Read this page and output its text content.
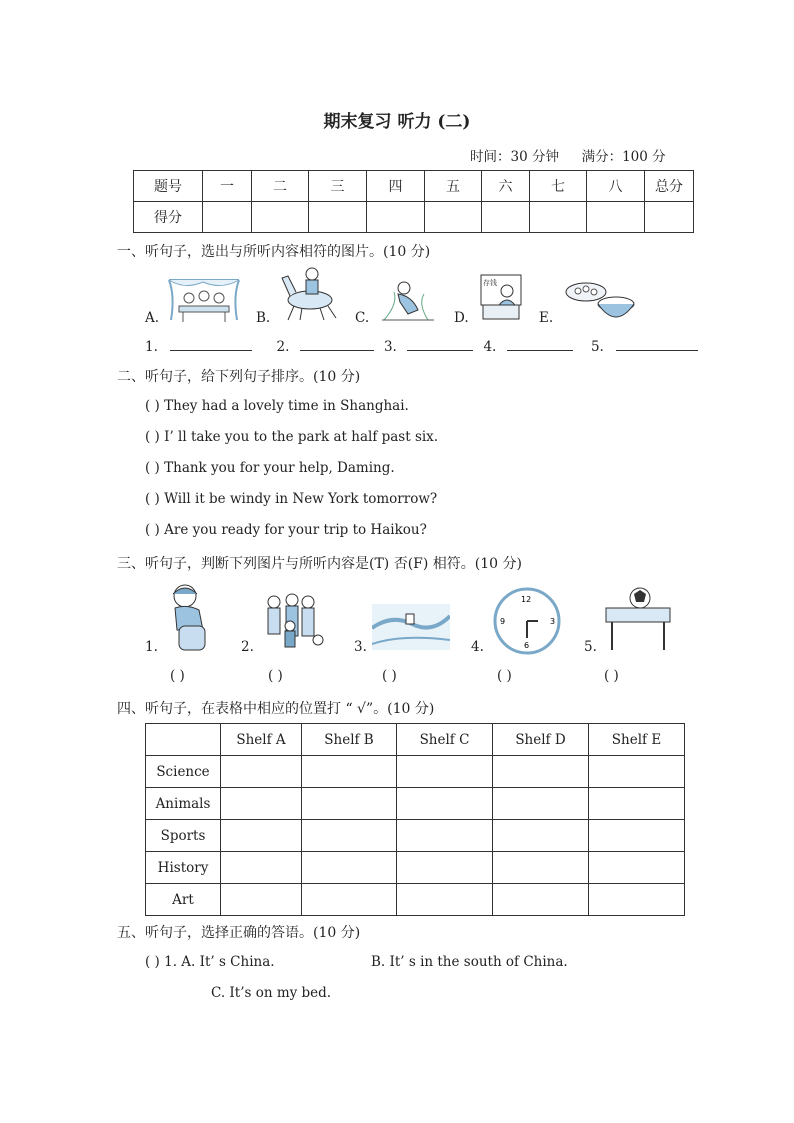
期末复习 听力 (二)
时间：30 分钟 满分：100 分
题号	一	二	三	四	五	六	七	八	总分
得分									
一、听句子，选出与所听内容相符的图片。(10 分)
存钱
A.	B.	C.	D.	E.
1.	2.	3.	4.	5.
二、听句子，给下列句子排序。(10 分)
( ) They had a lovely time in Shanghai.
( ) I’ ll take you to the park at half past six.
( ) Thank you for your help, Daming.
( ) Will it be windy in New York tomorrow?
( ) Are you ready for your trip to Haikou?
三、听句子，判断下列图片与所听内容是(T) 否(F) 相符。(10 分)
12
3
6
9
1.	2.	3.	4.	5.
( )	( )	( )	( )	( )
四、听句子，在表格中相应的位置打 “ √”。(10 分)
	Shelf A	Shelf B	Shelf C	Shelf D	Shelf E
Science					
Animals					
Sports					
History					
Art					
五、听句子，选择正确的答语。(10 分)
( ) 1. A. It’ s China.	B. It’ s in the south of China.
C. It’s on my bed.
